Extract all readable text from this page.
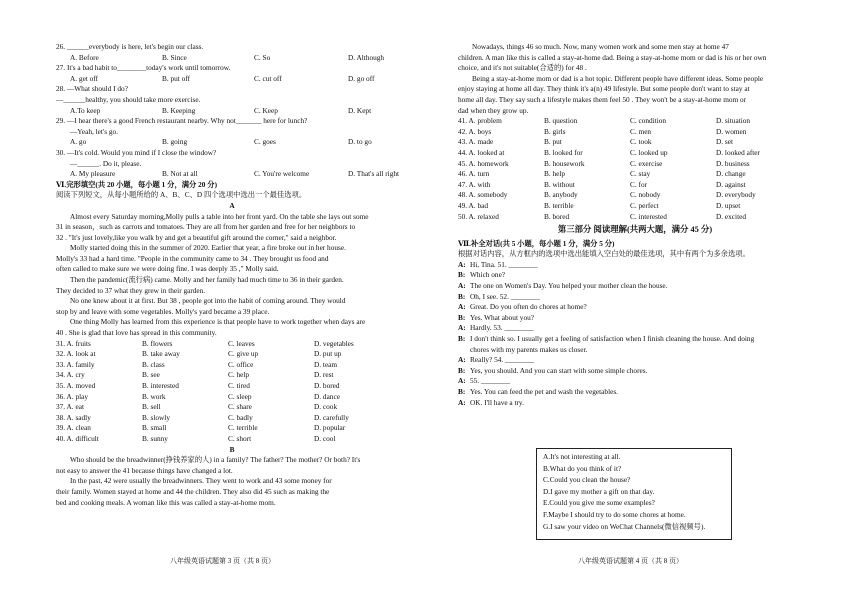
26. ______everybody is here, let's begin our class.
A. Before	B. Since	C. So	D. Although
27. It's a bad habit to________today's work until tomorrow.
A. get off	B. put off	C. cut off	D. go off
28. —What should I do?
—______healthy, you should take more exercise.
A.To keep	B. Keeping	C. Keep	D. Kept
29. —I hear there's a good French restaurant nearby. Why not_______ here for lunch?
—Yeah, let's go.
A. go	B. going	C. goes	D. to go
30. —It's cold. Would you mind if I close the window?
—______. Do it, please.
A. My pleasure	B. Not at all	C. You're welcome	D. That's all right
Ⅵ.完形填空(共 20 小题，每小题 1 分，满分 20 分)
阅读下列短文，从每小题所给的 A、B、C、D 四个选项中选出一个最佳选项。
A
Almost every Saturday morning,Molly pulls a table into her front yard. On the table she lays out some
31 in season，such as carrots and tomatoes. They are all from her garden and free for her neighbors to
32 . "It's just lovely,like you walk by and get a beautiful gift around the corner," said a neighbor.
Molly started doing this in the summer of 2020. Earlier that year, a fire broke out in her house.
Molly's 33 had a hard time. "People in the community came to 34 . They brought us food and
often called to make sure we were doing fine. I was deeply 35 ," Molly said.
Then the pandemic(流行病) came. Molly and her family had much time to 36 in their garden.
They decided to 37 what they grew in their garden.
No one knew about it at first. But 38 , people got into the habit of coming around. They would
stop by and leave with some vegetables. Molly's yard became a 39 place.
One thing Molly has learned from this experience is that people have to work together when days are
40 . She is glad that love has spread in this community.
31. A. fruits	B. flowers	C. leaves	D. vegetables
32. A. look at	B. take away	C. give up	D. put up
33. A. family	B. class	C. office	D. team
34. A. cry	B. see	C. help	D. rest
35. A. moved	B. interested	C. tired	D. bored
36. A. play	B. work	C. sleep	D. dance
37. A. eat	B. sell	C. share	D. cook
38. A. sadly	B. slowly	C. badly	D. carefully
39. A. clean	B. small	C. terrible	D. popular
40. A. difficult	B. sunny	C. short	D. cool
B
Who should be the breadwinner(挣钱养家的人) in a family? The father? The mother? Or both? It's
not easy to answer the 41 because things have changed a lot.
In the past, 42 were usually the breadwinners. They went to work and 43 some money for
their family. Women stayed at home and 44 the children. They also did 45 such as making the
bed and cooking meals. A woman like this was called a stay-at-home mom.
Nowadays, things 46 so much. Now, many women work and some men stay at home 47
children. A man like this is called a stay-at-home dad. Being a stay-at-home mom or dad is his or her own
choice, and it's not suitable(合适的) for 48 .
Being a stay-at-home mom or dad is a hot topic. Different people have different ideas. Some people
enjoy staying at home all day. They think it's a(n) 49 lifestyle. But some people don't want to stay at
home all day. They say such a lifestyle makes them feel 50 . They won't be a stay-at-home mom or
dad when they grow up.
41. A. problem	B. question	C. condition	D. situation
42. A. boys	B. girls	C. men	D. women
43. A. made	B. put	C. took	D. set
44. A. looked at	B. looked for	C. looked up	D. looked after
45. A. homework	B. housework	C. exercise	D. business
46. A. turn	B. help	C. stay	D. change
47. A. with	B. without	C. for	D. against
48. A. somebody	B. anybody	C. nobody	D. everybody
49. A. bad	B. terrible	C. perfect	D. upset
50. A. relaxed	B. bored	C. interested	D. excited
第三部分 阅读理解(共两大题，满分 45 分)
Ⅶ.补全对话(共 5 小题，每小题 1 分，满分 5 分)
根据对话内容，从方框内的选项中选出能填入空白处的最佳选项，其中有两个为多余选项。
A: Hi, Tina. 51. ________
B: Which one?
A: The one on Women's Day. You helped your mother clean the house.
B: Oh, I see. 52. ________
A: Great. Do you often do chores at home?
B: Yes. What about you?
A: Hardly. 53. ________
B: I don't think so. I usually get a feeling of satisfaction when I finish cleaning the house. And doing
chores with my parents makes us closer.
A: Really? 54. ________
B: Yes, you should. And you can start with some simple chores.
A: 55. ________
B: Yes. You can feed the pet and wash the vegetables.
A: OK. I'll have a try.
A.It's not interesting at all.
B.What do you think of it?
C.Could you clean the house?
D.I gave my mother a gift on that day.
E.Could you give me some examples?
F.Maybe I should try to do some chores at home.
G.I saw your video on WeChat Channels(微信视频号).
八年级英语试题第 3 页（共 8 页）	八年级英语试题第 4 页（共 8 页）
